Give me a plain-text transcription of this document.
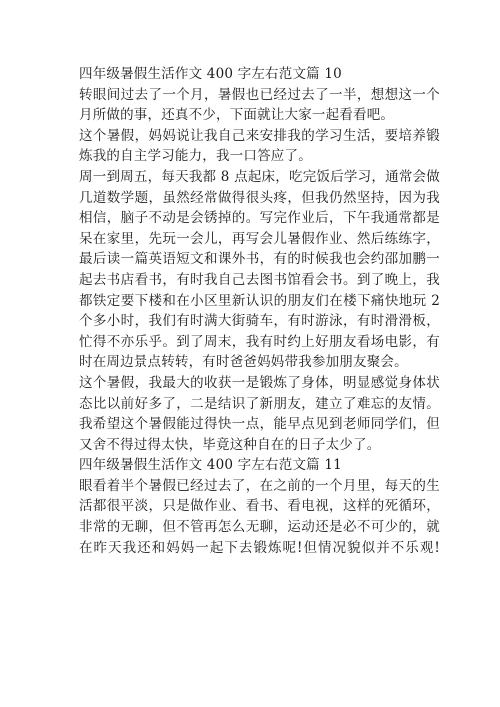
四年级暑假生活作文 400 字左右范文篇 10
转眼间过去了一个月，暑假也已经过去了一半，想想这一个
月所做的事，还真不少，下面就让大家一起看看吧。
这个暑假，妈妈说让我自己来安排我的学习生活，要培养锻
炼我的自主学习能力，我一口答应了。
周一到周五，每天我都 8 点起床，吃完饭后学习，通常会做
几道数学题，虽然经常做得很头疼，但我仍然坚持，因为我
相信，脑子不动是会锈掉的。写完作业后，下午我通常都是
呆在家里，先玩一会儿，再写会儿暑假作业、然后练练字，
最后读一篇英语短文和课外书，有的时候我也会约邵加鹏一
起去书店看书，有时我自己去图书馆看会书。到了晚上，我
都铁定要下楼和在小区里新认识的朋友们在楼下痛快地玩 2
个多小时，我们有时满大街骑车，有时游泳，有时滑滑板，
忙得不亦乐乎。到了周末，我有时约上好朋友看场电影，有
时在周边景点转转，有时爸爸妈妈带我参加朋友聚会。
这个暑假，我最大的收获一是锻炼了身体，明显感觉身体状
态比以前好多了，二是结识了新朋友，建立了难忘的友情。
我希望这个暑假能过得快一点，能早点见到老师同学们，但
又舍不得过得太快，毕竟这种自在的日子太少了。
四年级暑假生活作文 400 字左右范文篇 11
眼看着半个暑假已经过去了，在之前的一个月里，每天的生
活都很平淡，只是做作业、看书、看电视，这样的死循环，
非常的无聊，但不管再怎么无聊，运动还是必不可少的，就
在昨天我还和妈妈一起下去锻炼呢!但情况貌似并不乐观!
